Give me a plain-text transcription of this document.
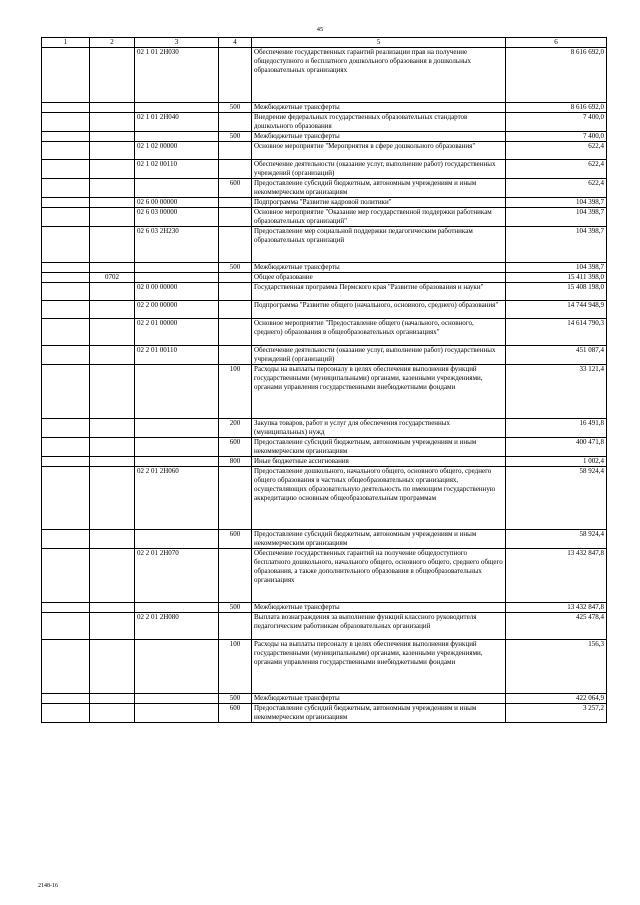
45
1	2	3	4	5	6
		02 1 01 2Н030		Обеспечение государственных гарантий реализации прав на получение общедоступного и бесплатного дошкольного образования в дошкольных образовательных организациях	8 616 692,0
			500	Межбюджетные трансферты	8 616 692,0
		02 1 01 2Н040		Внедрение федеральных государственных образовательных стандартов дошкольного образования	7 400,0
			500	Межбюджетные трансферты	7 400,0
		02 1 02 00000		Основное мероприятие "Мероприятия в сфере дошкольного образования"	622,4
		02 1 02 00110		Обеспечение деятельности (оказание услуг, выполнение работ) государственных учреждений (организаций)	622,4
			600	Предоставление субсидий бюджетным, автономным учреждениям и иным некоммерческим организациям	622,4
		02 6 00 00000		Подпрограмма "Развитие кадровой политики"	104 398,7
		02 6 03 00000		Основное мероприятие "Оказание мер государственной поддержки работникам образовательных организаций"	104 398,7
		02 6 03 2Н230		Предоставление мер социальной поддержки педагогическим работникам образовательных организаций	104 398,7
			500	Межбюджетные трансферты	104 398,7
	0702			Общее образование	15 411 398,0
		02 0 00 00000		Государственная программа Пермского края "Развитие образования и науки"	15 408 198,0
		02 2 00 00000		Подпрограмма "Развитие общего (начального, основного, среднего) образования"	14 744 948,9
		02 2 01 00000		Основное мероприятие "Предоставление общего (начального, основного, среднего) образования в общеобразовательных организациях"	14 614 790,3
		02 2 01 00110		Обеспечение деятельности (оказание услуг, выполнение работ) государственных учреждений (организаций)	451 087,4
			100	Расходы на выплаты персоналу в целях обеспечения выполнения функций государственными (муниципальными) органами, казенными учреждениями, органами управления государственными внебюджетными фондами	33 121,4
			200	Закупка товаров, работ и услуг для обеспечения государственных (муниципальных) нужд	16 491,8
			600	Предоставление субсидий бюджетным, автономным учреждениям и иным некоммерческим организациям	400 471,8
			800	Иные бюджетные ассигнования	1 002,4
		02 2 01 2Н060		Предоставление дошкольного, начального общего, основного общего, среднего общего образования в частных общеобразовательных организациях, осуществляющих образовательную деятельность по имеющим государственную аккредитацию основным общеобразовательным программам	58 924,4
			600	Предоставление субсидий бюджетным, автономным учреждениям и иным некоммерческим организациям	58 924,4
		02 2 01 2Н070		Обеспечение государственных гарантий на получение общедоступного бесплатного дошкольного, начального общего, основного общего, среднего общего образования, а также дополнительного образования в общеобразовательных организациях	13 432 847,8
			500	Межбюджетные трансферты	13 432 847,8
		02 2 01 2Н080		Выплата вознаграждения за выполнение функций классного руководителя педагогическим работникам образовательных организаций	425 478,4
			100	Расходы на выплаты персоналу в целях обеспечения выполнения функций государственными (муниципальными) органами, казенными учреждениями, органами управления государственными внебюджетными фондами	156,3
			500	Межбюджетные трансферты	422 064,9
			600	Предоставление субсидий бюджетным, автономным учреждениям и иным некоммерческим организациям	3 257,2
2148-16
